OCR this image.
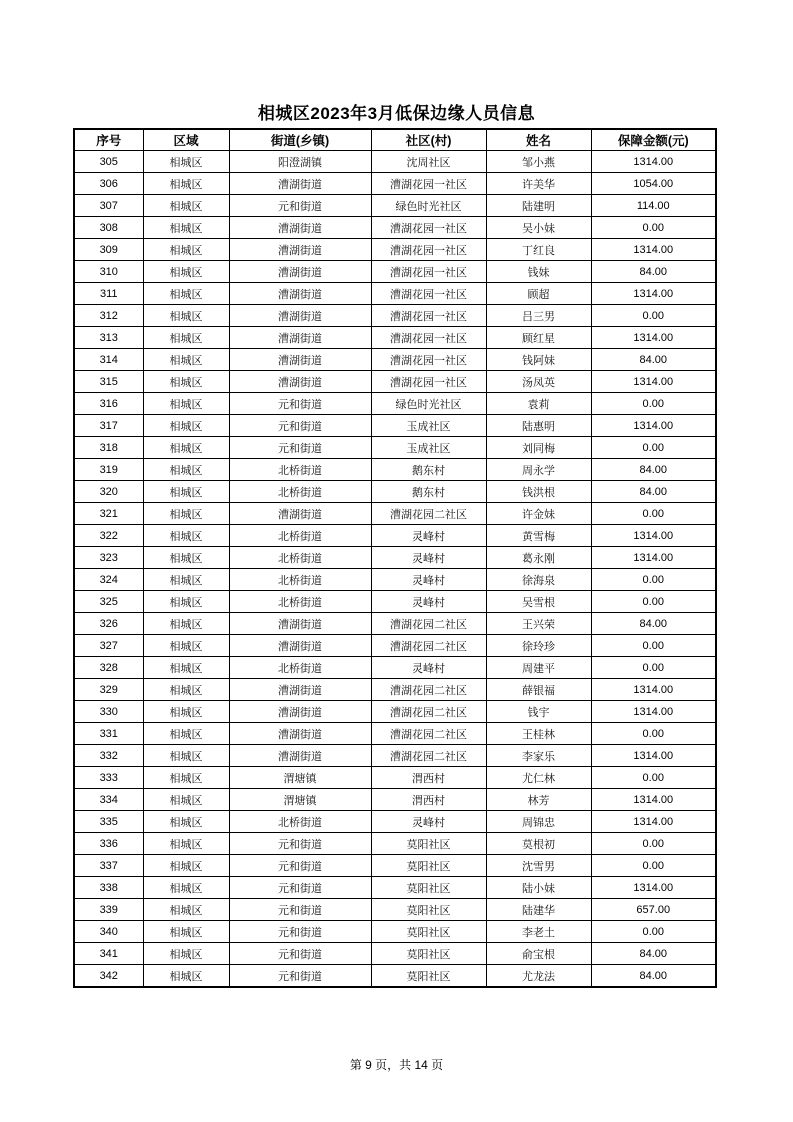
相城区2023年3月低保边缘人员信息
序号	区域	街道(乡镇)	社区(村)	姓名	保障金额(元)
305	相城区	阳澄湖镇	沈周社区	邹小燕	1314.00
306	相城区	漕湖街道	漕湖花园一社区	许美华	1054.00
307	相城区	元和街道	绿色时光社区	陆建明	114.00
308	相城区	漕湖街道	漕湖花园一社区	吴小妹	0.00
309	相城区	漕湖街道	漕湖花园一社区	丁红良	1314.00
310	相城区	漕湖街道	漕湖花园一社区	钱妹	84.00
311	相城区	漕湖街道	漕湖花园一社区	顾超	1314.00
312	相城区	漕湖街道	漕湖花园一社区	吕三男	0.00
313	相城区	漕湖街道	漕湖花园一社区	顾红星	1314.00
314	相城区	漕湖街道	漕湖花园一社区	钱阿妹	84.00
315	相城区	漕湖街道	漕湖花园一社区	汤凤英	1314.00
316	相城区	元和街道	绿色时光社区	袁莉	0.00
317	相城区	元和街道	玉成社区	陆惠明	1314.00
318	相城区	元和街道	玉成社区	刘同梅	0.00
319	相城区	北桥街道	鹅东村	周永学	84.00
320	相城区	北桥街道	鹅东村	钱洪根	84.00
321	相城区	漕湖街道	漕湖花园二社区	许金妹	0.00
322	相城区	北桥街道	灵峰村	黄雪梅	1314.00
323	相城区	北桥街道	灵峰村	葛永刚	1314.00
324	相城区	北桥街道	灵峰村	徐海泉	0.00
325	相城区	北桥街道	灵峰村	吴雪根	0.00
326	相城区	漕湖街道	漕湖花园二社区	王兴荣	84.00
327	相城区	漕湖街道	漕湖花园二社区	徐玲珍	0.00
328	相城区	北桥街道	灵峰村	周建平	0.00
329	相城区	漕湖街道	漕湖花园二社区	薛银福	1314.00
330	相城区	漕湖街道	漕湖花园二社区	钱宇	1314.00
331	相城区	漕湖街道	漕湖花园二社区	王桂林	0.00
332	相城区	漕湖街道	漕湖花园二社区	李家乐	1314.00
333	相城区	渭塘镇	渭西村	尤仁林	0.00
334	相城区	渭塘镇	渭西村	林芳	1314.00
335	相城区	北桥街道	灵峰村	周锦忠	1314.00
336	相城区	元和街道	莫阳社区	莫根初	0.00
337	相城区	元和街道	莫阳社区	沈雪男	0.00
338	相城区	元和街道	莫阳社区	陆小妹	1314.00
339	相城区	元和街道	莫阳社区	陆建华	657.00
340	相城区	元和街道	莫阳社区	李老土	0.00
341	相城区	元和街道	莫阳社区	俞宝根	84.00
342	相城区	元和街道	莫阳社区	尤龙法	84.00
第 9 页，共 14 页
